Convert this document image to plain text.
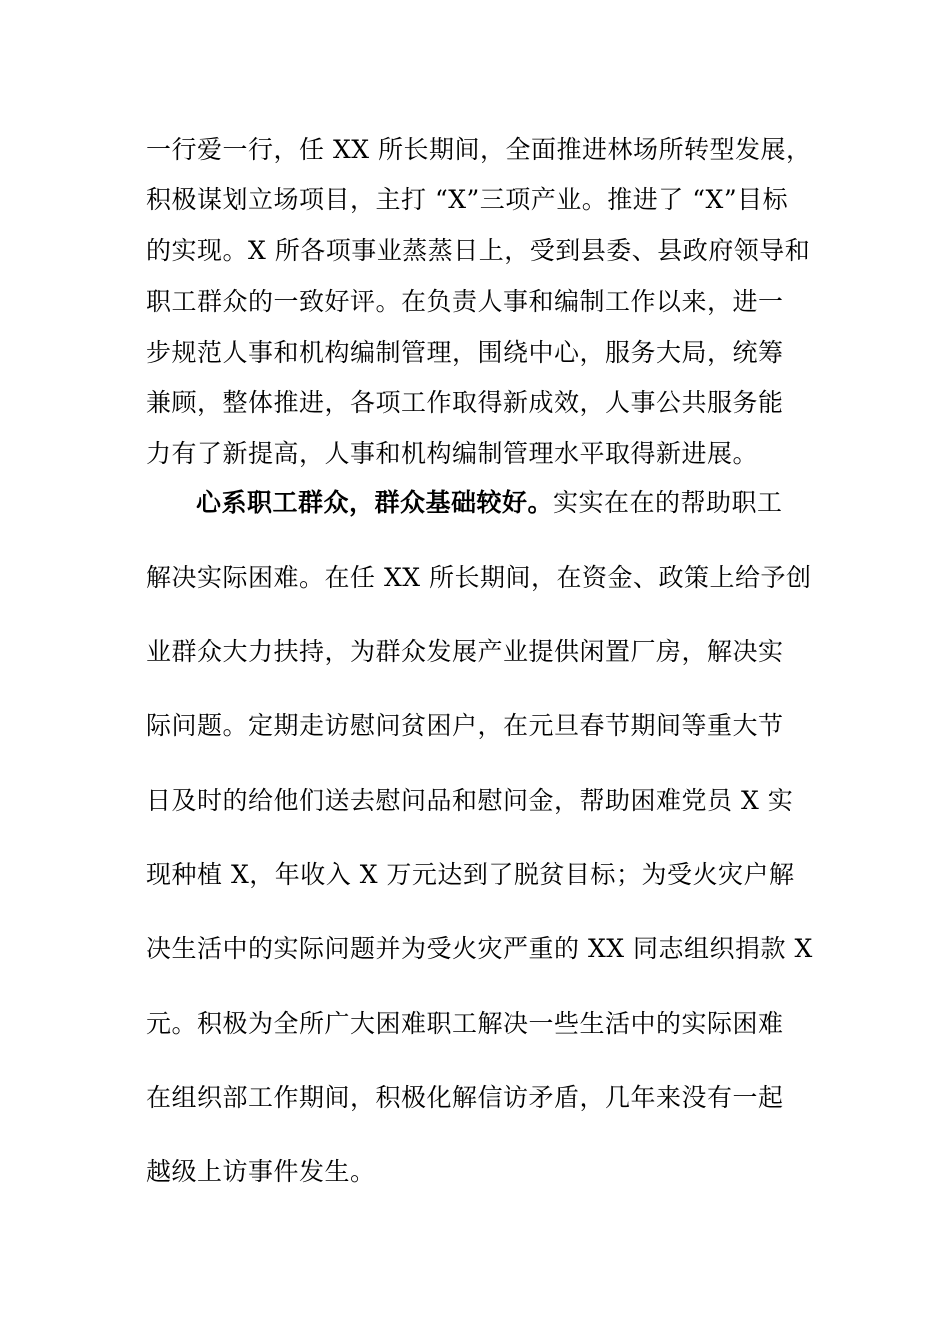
一行爱一行，任 XX 所长期间，全面推进林场所转型发展，
积极谋划立场项目，主打 “X”三项产业。推进了 “X”目标
的实现。X 所各项事业蒸蒸日上，受到县委、县政府领导和
职工群众的一致好评。在负责人事和编制工作以来，进一
步规范人事和机构编制管理，围绕中心，服务大局，统筹
兼顾，整体推进，各项工作取得新成效，人事公共服务能
力有了新提高，人事和机构编制管理水平取得新进展。
心系职工群众，群众基础较好。实实在在的帮助职工
解决实际困难。在任 XX 所长期间，在资金、政策上给予创
业群众大力扶持，为群众发展产业提供闲置厂房，解决实
际问题。定期走访慰问贫困户，在元旦春节期间等重大节
日及时的给他们送去慰问品和慰问金，帮助困难党员 X 实
现种植 X，年收入 X 万元达到了脱贫目标；为受火灾户解
决生活中的实际问题并为受火灾严重的 XX 同志组织捐款 X
元。积极为全所广大困难职工解决一些生活中的实际困难
在组织部工作期间，积极化解信访矛盾，几年来没有一起
越级上访事件发生。
